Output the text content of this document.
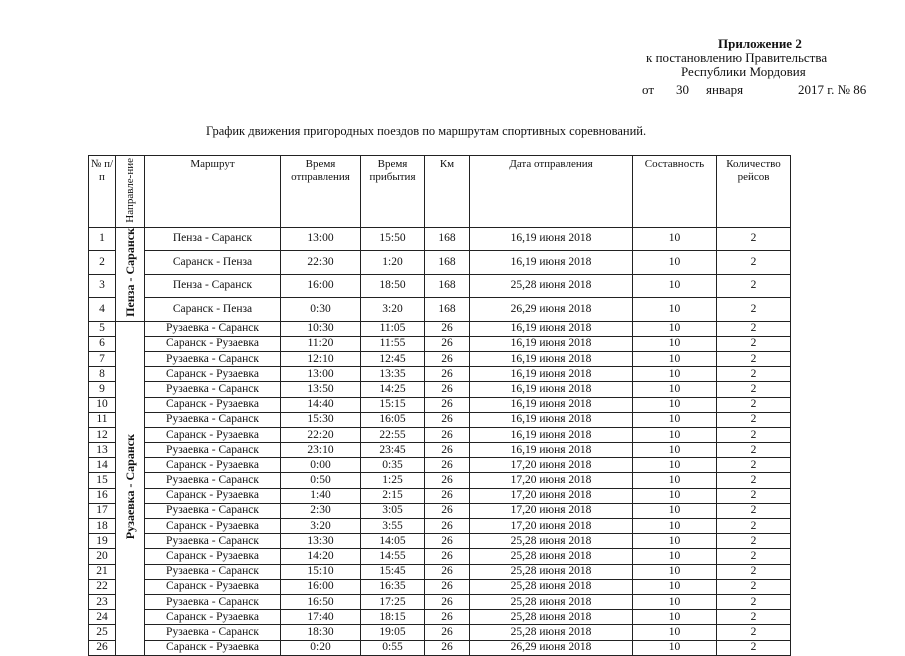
Приложение 2
к постановлению Правительства
Республики Мордовия
от 30 января	2017 г. № 86
График движения пригородных поездов по маршрутам спортивных соревнований.
№ п/п	Направле-ние	Маршрут	Время отправления	Время прибытия	Км	Дата отправления	Составность	Количество рейсов
1	Пенза - Саранск	Пенза - Саранск	13:00	15:50	168	16,19 июня 2018	10	2
2		Саранск - Пенза	22:30	1:20	168	16,19 июня 2018	10	2
3		Пенза - Саранск	16:00	18:50	168	25,28 июня 2018	10	2
4		Саранск - Пенза	0:30	3:20	168	26,29 июня 2018	10	2
5	Рузаевка - Саранск	Рузаевка - Саранск	10:30	11:05	26	16,19 июня 2018	10	2
6		Саранск - Рузаевка	11:20	11:55	26	16,19 июня 2018	10	2
7		Рузаевка - Саранск	12:10	12:45	26	16,19 июня 2018	10	2
8		Саранск - Рузаевка	13:00	13:35	26	16,19 июня 2018	10	2
9		Рузаевка - Саранск	13:50	14:25	26	16,19 июня 2018	10	2
10		Саранск - Рузаевка	14:40	15:15	26	16,19 июня 2018	10	2
11		Рузаевка - Саранск	15:30	16:05	26	16,19 июня 2018	10	2
12		Саранск - Рузаевка	22:20	22:55	26	16,19 июня 2018	10	2
13		Рузаевка - Саранск	23:10	23:45	26	16,19 июня 2018	10	2
14		Саранск - Рузаевка	0:00	0:35	26	17,20 июня 2018	10	2
15		Рузаевка - Саранск	0:50	1:25	26	17,20 июня 2018	10	2
16		Саранск - Рузаевка	1:40	2:15	26	17,20 июня 2018	10	2
17		Рузаевка - Саранск	2:30	3:05	26	17,20 июня 2018	10	2
18		Саранск - Рузаевка	3:20	3:55	26	17,20 июня 2018	10	2
19		Рузаевка - Саранск	13:30	14:05	26	25,28 июня 2018	10	2
20		Саранск - Рузаевка	14:20	14:55	26	25,28 июня 2018	10	2
21		Рузаевка - Саранск	15:10	15:45	26	25,28 июня 2018	10	2
22		Саранск - Рузаевка	16:00	16:35	26	25,28 июня 2018	10	2
23		Рузаевка - Саранск	16:50	17:25	26	25,28 июня 2018	10	2
24		Саранск - Рузаевка	17:40	18:15	26	25,28 июня 2018	10	2
25		Рузаевка - Саранск	18:30	19:05	26	25,28 июня 2018	10	2
26		Саранск - Рузаевка	0:20	0:55	26	26,29 июня 2018	10	2
